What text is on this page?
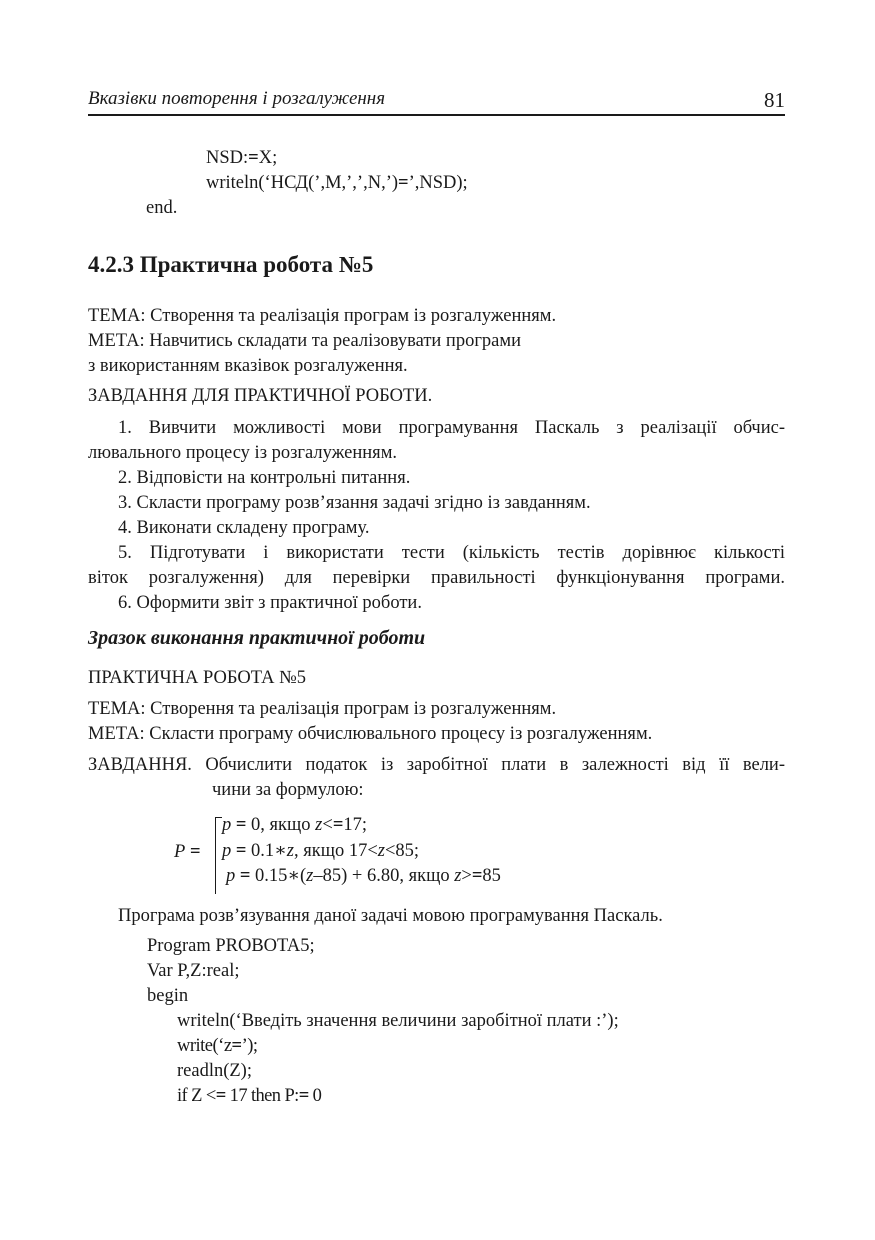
Вказівки повторення і розгалуження	81
NSD:=X;
writeln(‘НСД(’,M,’,’,N,’)=’,NSD);
end.
4.2.3 Практична робота №5
ТЕМА: Створення та реалізація програм із розгалуженням.
МЕТА: Навчитись складати та реалізовувати програми
з використанням вказівок розгалуження.
ЗАВДАННЯ ДЛЯ ПРАКТИЧНОЇ РОБОТИ.
1. Вивчити можливості мови програмування Паскаль з реалізації обчис-
лювального процесу із розгалуженням.
2. Відповісти на контрольні питання.
3. Скласти програму розв’язання задачі згідно із завданням.
4. Виконати складену програму.
5. Підготувати і використати тести (кількість тестів дорівнює кількості
віток розгалуження) для перевірки правильності функціонування програми.
6. Оформити звіт з практичної роботи.
Зразок виконання практичної роботи
ПРАКТИЧНА РОБОТА №5
ТЕМА: Створення та реалізація програм із розгалуженням.
МЕТА: Скласти програму обчислювального процесу із розгалуженням.
ЗАВДАННЯ. Обчислити податок із заробітної плати в залежності від її вели-
чини за формулою:
P =
p = 0, якщо z<=17;
p = 0.1∗z, якщо 17<z<85;
p = 0.15∗(z–85) + 6.80, якщо z>=85
Програма розв’язування даної задачі мовою програмування Паскаль.
Program PROBOTA5;
Var P,Z:real;
begin
writeln(‘Введіть значення величини заробітної плати :’);
write(‘z=’);
readln(Z);
if Z <= 17 then P:= 0
